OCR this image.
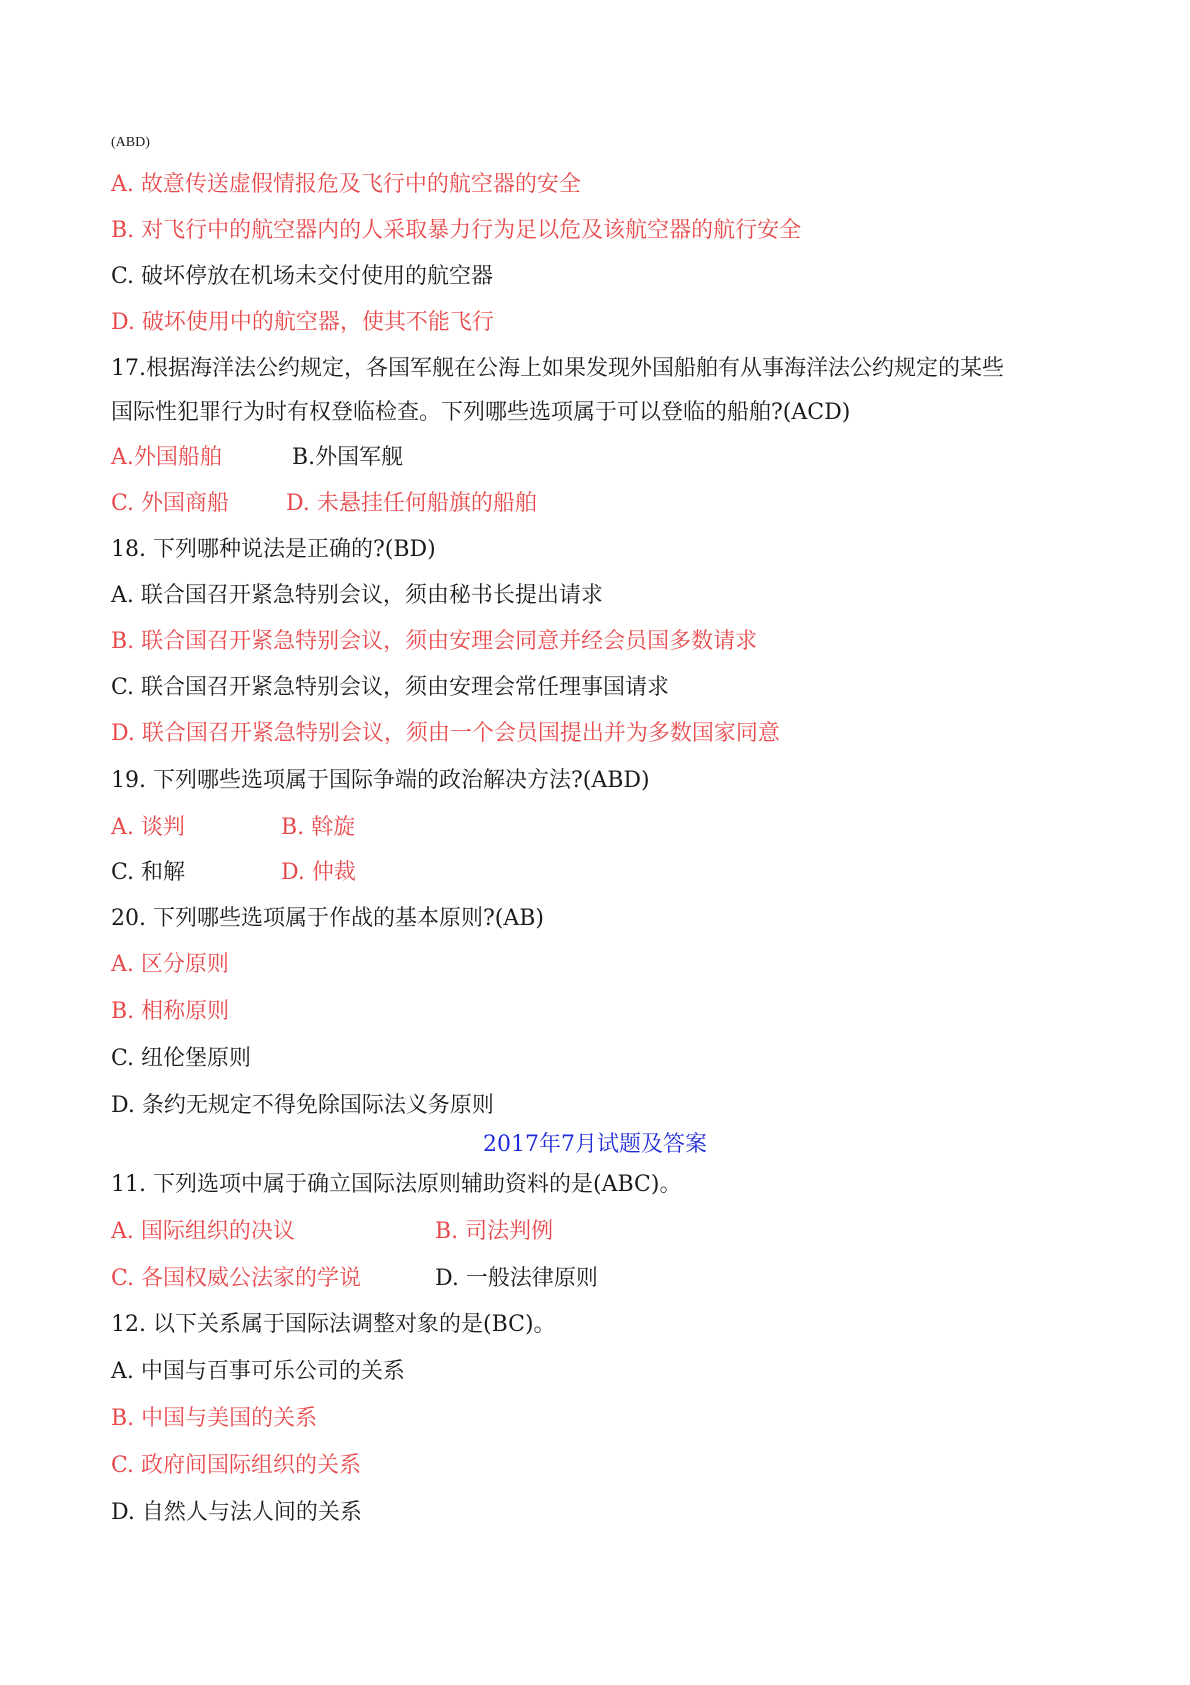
(ABD)
A. 故意传送虚假情报危及飞行中的航空器的安全
B. 对飞行中的航空器内的人采取暴力行为足以危及该航空器的航行安全
C. 破坏停放在机场未交付使用的航空器
D. 破坏使用中的航空器，使其不能飞行
17.根据海洋法公约规定，各国军舰在公海上如果发现外国船舶有从事海洋法公约规定的某些
国际性犯罪行为时有权登临检查。下列哪些选项属于可以登临的船舶?(ACD)
A.外国船舶	B.外国军舰
C. 外国商船	D. 未悬挂任何船旗的船舶
18. 下列哪种说法是正确的?(BD)
A. 联合国召开紧急特别会议，须由秘书长提出请求
B. 联合国召开紧急特别会议，须由安理会同意并经会员国多数请求
C. 联合国召开紧急特别会议，须由安理会常任理事国请求
D. 联合国召开紧急特别会议，须由一个会员国提出并为多数国家同意
19. 下列哪些选项属于国际争端的政治解决方法?(ABD)
A. 谈判	B. 斡旋
C. 和解	D. 仲裁
20. 下列哪些选项属于作战的基本原则?(AB)
A. 区分原则
B. 相称原则
C. 纽伦堡原则
D. 条约无规定不得免除国际法义务原则
2017年7月试题及答案
11. 下列选项中属于确立国际法原则辅助资料的是(ABC)。
A. 国际组织的决议	B. 司法判例
C. 各国权威公法家的学说	D. 一般法律原则
12. 以下关系属于国际法调整对象的是(BC)。
A. 中国与百事可乐公司的关系
B. 中国与美国的关系
C. 政府间国际组织的关系
D. 自然人与法人间的关系
